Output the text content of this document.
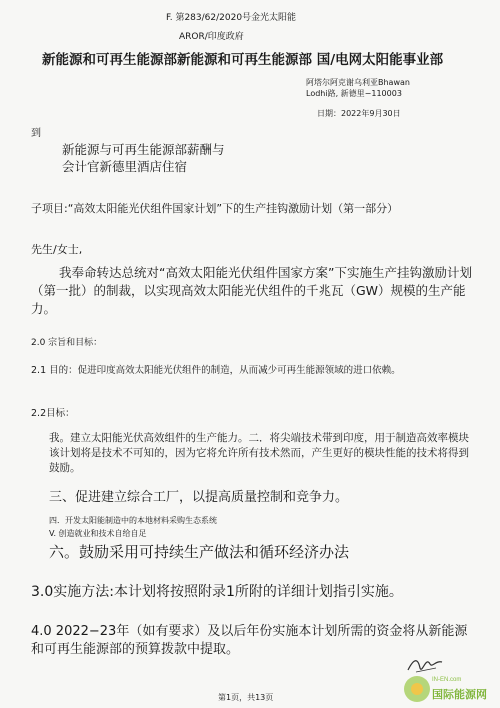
F. 第283/62/2020号金光太阳能
AROR/印度政府
新能源和可再生能源部新能源和可再生能源部 国/电网太阳能事业部
阿塔尔阿克谢乌利亚Bhawan
Lodhi路, 新德里−110003
日期：2022年9月30日
到
新能源与可再生能源部薪酬与
会计官新德里酒店住宿
子项目:“高效太阳能光伏组件国家计划”下的生产挂钩激励计划（第一部分）
先生/女士,
我奉命转达总统对“高效太阳能光伏组件国家方案”下实施生产挂钩激励计划（第一批）的制裁，以实现高效太阳能光伏组件的千兆瓦（GW）规模的生产能力。
2.0 宗旨和目标：
2.1 目的：促进印度高效太阳能光伏组件的制造，从而减少可再生能源领域的进口依赖。
2.2目标：
我。建立太阳能光伏高效组件的生产能力。二．将尖端技术带到印度，用于制造高效率模块该计划将是技术不可知的，因为它将允许所有技术然而，产生更好的模块性能的技术将得到鼓励。
三、促进建立综合工厂，以提高质量控制和竞争力。
四．开发太阳能制造中的本地材料采购生态系统
V. 创造就业和技术自给自足
六。鼓励采用可持续生产做法和循环经济办法
3.0实施方法:本计划将按照附录1所附的详细计划指引实施。
4.0 2022−23年（如有要求）及以后年份实施本计划所需的资金将从新能源和可再生能源部的预算拨款中提取。
第1页，共13页
IN-EN.com
国际能源网
